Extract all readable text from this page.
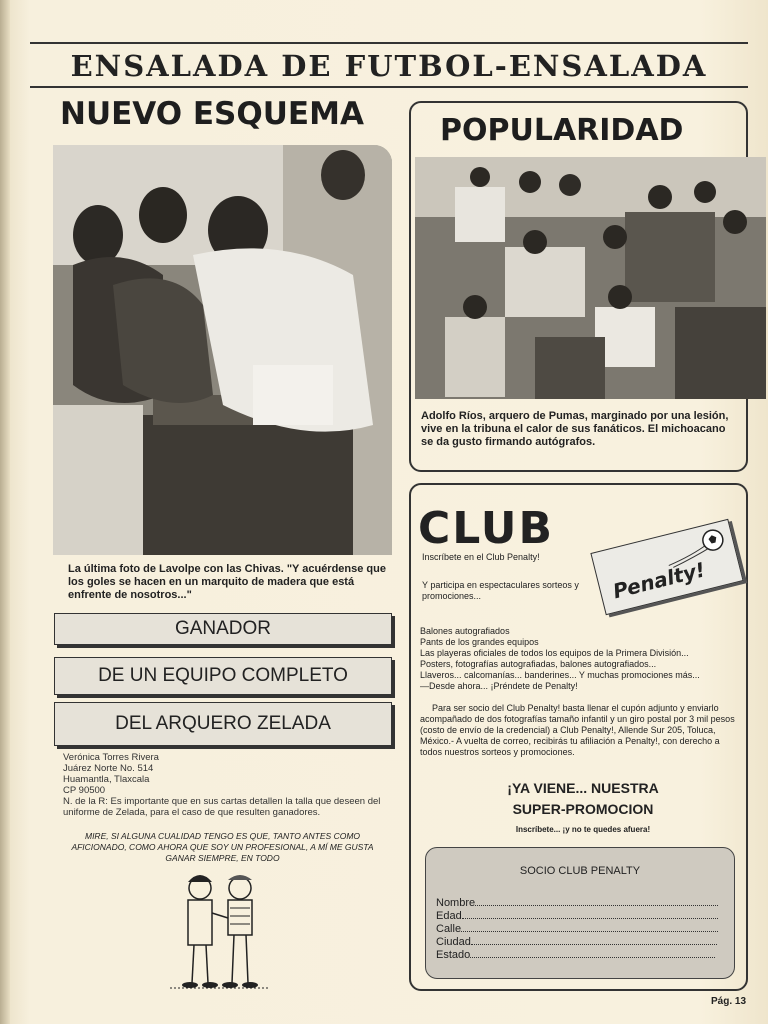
ENSALADA DE FUTBOL-ENSALADA
NUEVO ESQUEMA
La última foto de Lavolpe con las Chivas. "Y acuérdense que los goles se hacen en un marquito de madera que está enfrente de nosotros..."
GANADOR
DE UN EQUIPO COMPLETO
DEL ARQUERO ZELADA
Verónica Torres Rivera
Juárez Norte No. 514
Huamantla, Tlaxcala
CP 90500
N. de la R: Es importante que en sus cartas detallen la talla que deseen del uniforme de Zelada, para el caso de que resulten ganadores.
MIRE, SI ALGUNA CUALIDAD TENGO ES QUE, TANTO ANTES COMO AFICIONADO, COMO AHORA QUE SOY UN PROFESIONAL, A MÍ ME GUSTA GANAR SIEMPRE, EN TODO
POPULARIDAD
Adolfo Ríos, arquero de Pumas, marginado por una lesión, vive en la tribuna el calor de sus fanáticos. El michoacano se da gusto firmando autógrafos.
CLUB
Inscríbete en el Club Penalty!
Y participa en espectaculares sorteos y promociones...	Penalty!
Balones autografiados
Pants de los grandes equipos
Las playeras oficiales de todos los equipos de la Primera División...
Posters, fotografías autografiadas, balones autografiados...
Llaveros... calcomanías... banderines... Y muchas promociones más...
—Desde ahora... ¡Préndete de Penalty!
Para ser socio del Club Penalty! basta llenar el cupón adjunto y enviarlo acompañado de dos fotografías tamaño infantil y un giro postal por 3 mil pesos (costo de envío de la credencial) a Club Penalty!, Allende Sur 205, Toluca, México.- A vuelta de correo, recibirás tu afiliación a Penalty!, con derecho a todos nuestros sorteos y promociones.
¡YA VIENE... NUESTRA
SUPER-PROMOCION
Inscríbete... ¡y no te quedes afuera!
SOCIO CLUB PENALTY
Nombre
Edad
Calle
Ciudad
Estado
Pág. 13
